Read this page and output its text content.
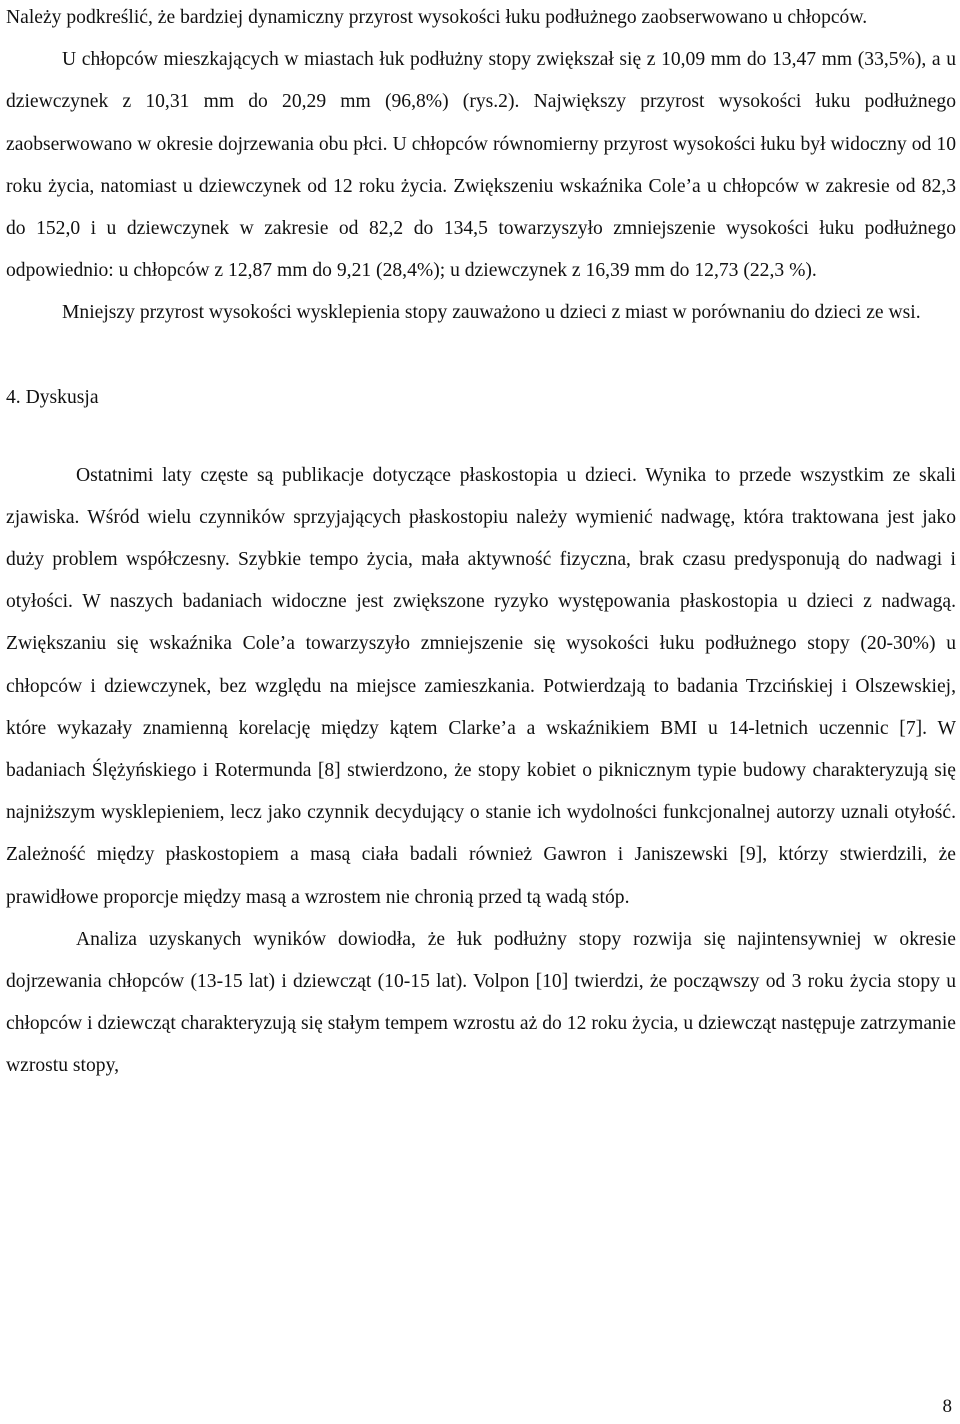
Należy podkreślić, że bardziej dynamiczny przyrost wysokości łuku podłużnego zaobserwowano u chłopców.

U chłopców mieszkających w miastach łuk podłużny stopy zwiększał się z 10,09 mm do 13,47 mm (33,5%), a u dziewczynek z 10,31 mm do 20,29 mm (96,8%) (rys.2). Największy przyrost wysokości łuku podłużnego zaobserwowano w okresie dojrzewania obu płci. U chłopców równomierny przyrost wysokości łuku był widoczny od 10 roku życia, natomiast u dziewczynek od 12 roku życia. Zwiększeniu wskaźnika Cole’a u chłopców w zakresie od 82,3 do 152,0 i u dziewczynek w zakresie od 82,2 do 134,5 towarzyszyło zmniejszenie wysokości łuku podłużnego odpowiednio: u chłopców z 12,87 mm do 9,21 (28,4%); u dziewczynek z 16,39 mm do 12,73 (22,3 %).

Mniejszy przyrost wysokości wysklepienia stopy zauważono u dzieci z miast w porównaniu do dzieci ze wsi.

4. Dyskusja

Ostatnimi laty częste są publikacje dotyczące płaskostopia u dzieci. Wynika to przede wszystkim ze skali zjawiska. Wśród wielu czynników sprzyjających płaskostopiu należy wymienić nadwagę, która traktowana jest jako duży problem współczesny. Szybkie tempo życia, mała aktywność fizyczna, brak czasu predysponują do nadwagi i otyłości. W naszych badaniach widoczne jest zwiększone ryzyko występowania płaskostopia u dzieci z nadwagą. Zwiększaniu się wskaźnika Cole’a towarzyszyło zmniejszenie się wysokości łuku podłużnego stopy (20-30%) u chłopców i dziewczynek, bez względu na miejsce zamieszkania. Potwierdzają to badania Trzcińskiej i Olszewskiej, które wykazały znamienną korelację między kątem Clarke’a a wskaźnikiem BMI u 14-letnich uczennic [7]. W badaniach Ślężyńskiego i Rotermunda [8] stwierdzono, że stopy kobiet o piknicznym typie budowy charakteryzują się najniższym wysklepieniem, lecz jako czynnik decydujący o stanie ich wydolności funkcjonalnej autorzy uznali otyłość. Zależność między płaskostopiem a masą ciała badali również Gawron i Janiszewski [9], którzy stwierdzili, że prawidłowe proporcje między masą a wzrostem nie chronią przed tą wadą stóp.

Analiza uzyskanych wyników dowiodła, że łuk podłużny stopy rozwija się najintensywniej w okresie dojrzewania chłopców (13-15 lat) i dziewcząt (10-15 lat). Volpon [10] twierdzi, że począwszy od 3 roku życia stopy u chłopców i dziewcząt charakteryzują się stałym tempem wzrostu aż do 12 roku życia, u dziewcząt następuje zatrzymanie wzrostu stopy,

8
